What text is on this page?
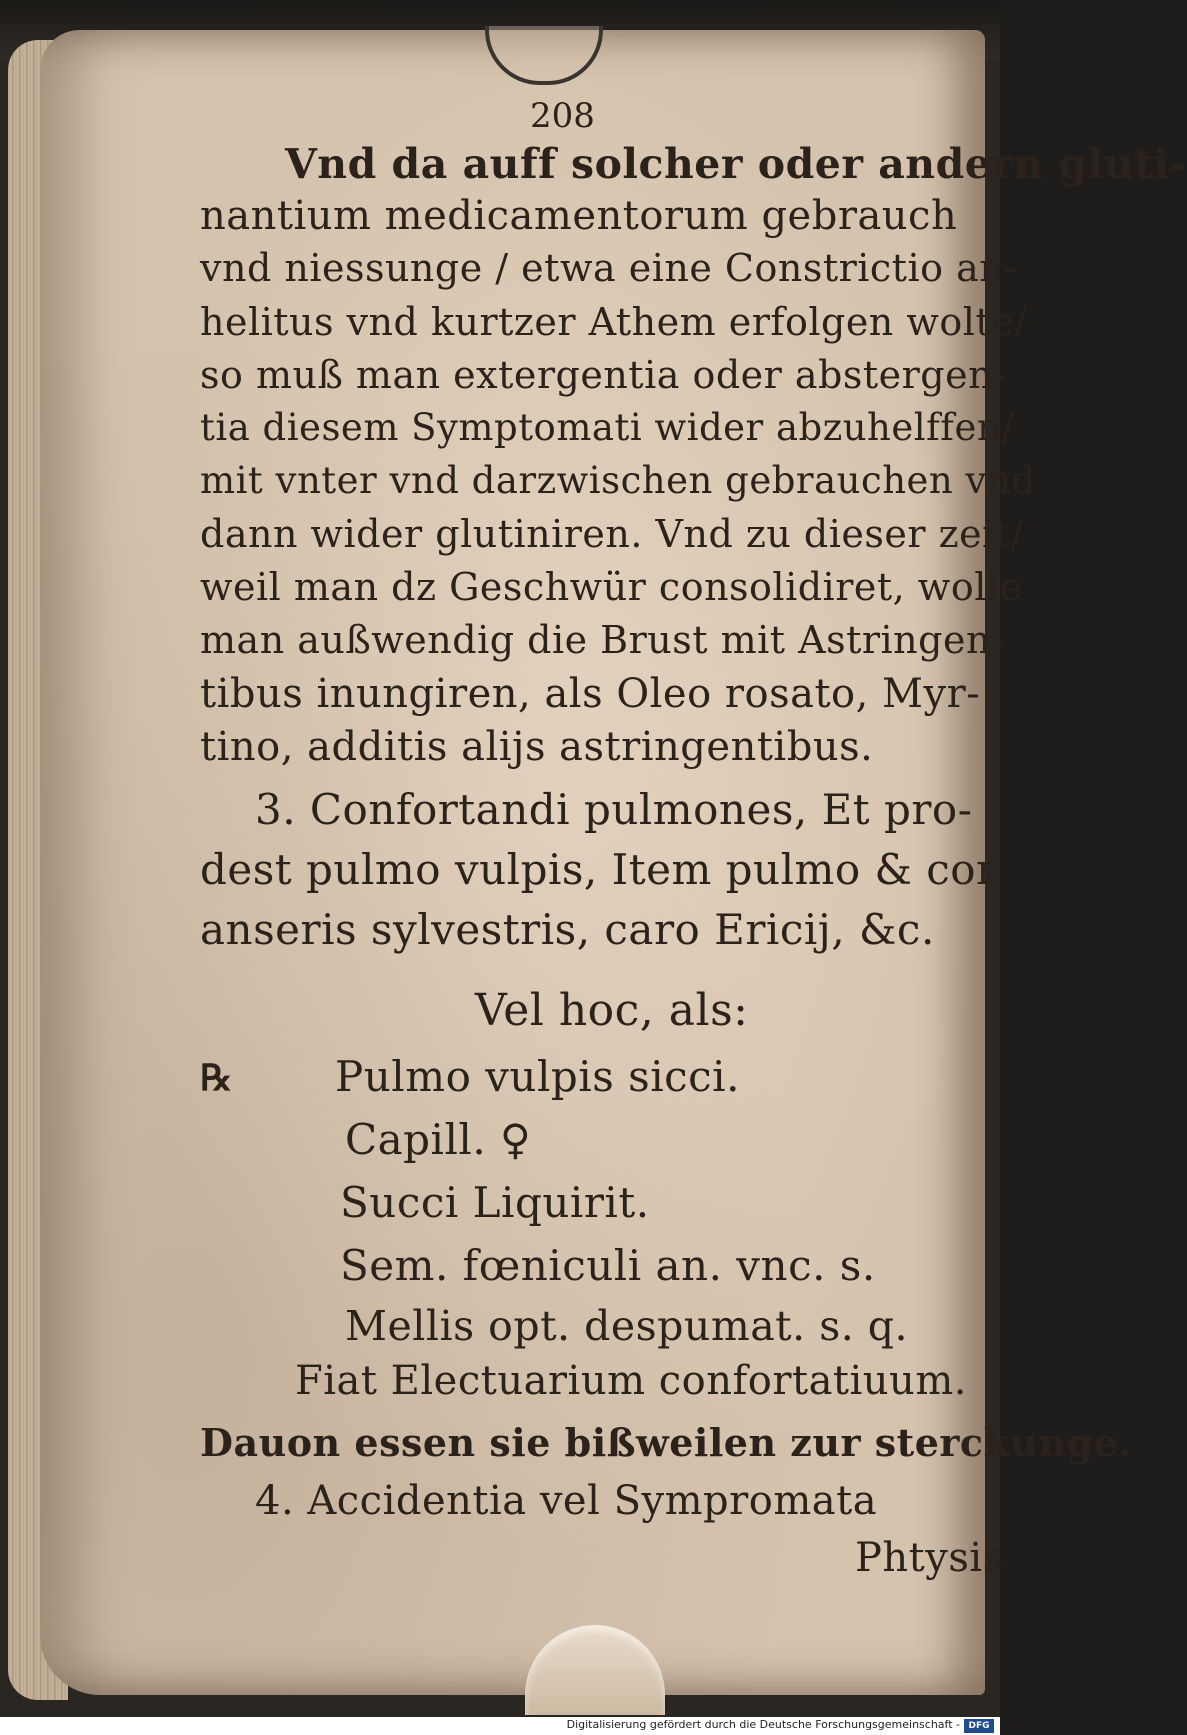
208
Vnd da auff solcher oder andern gluti-
nantium medicamentorum gebrauch
vnd niessunge / etwa eine Constrictio an-
helitus vnd kurtzer Athem erfolgen wolte/
so muß man extergentia oder abstergen-
tia diesem Symptomati wider abzuhelffen/
mit vnter vnd darzwischen gebrauchen vnd
dann wider glutiniren. Vnd zu dieser zeit/
weil man dz Geschwür consolidiret, wolle
man außwendig die Brust mit Astringen-
tibus inungiren, als Oleo rosato, Myr-
tino, additis alijs astringentibus.
3. Confortandi pulmones, Et pro-
dest pulmo vulpis, Item pulmo & cor
anseris sylvestris, caro Ericij, &c.
Vel hoc, als:
℞ Pulmo vulpis sicci.
Capill. ♀
Succi Liquirit.
Sem. fœniculi an. vnc. s.
Mellis opt. despumat. s. q.
Fiat Electuarium confortatiuum.
Dauon essen sie bißweilen zur sterckunge.
4. Accidentia vel Sympromata
Phtysis
Digitalisierung gefördert durch die Deutsche Forschungsgemeinschaft - DFG
